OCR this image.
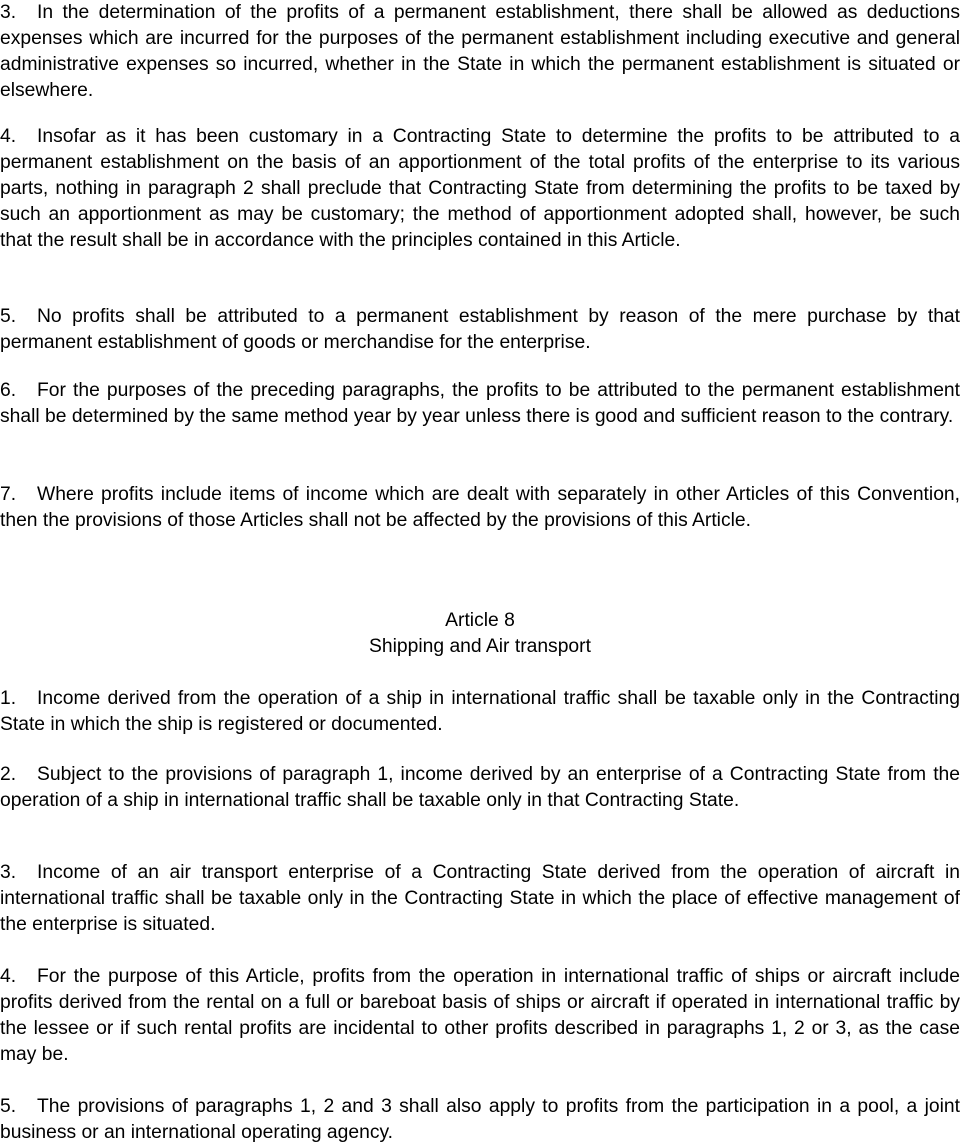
3. In the determination of the profits of a permanent establishment, there shall be allowed as deductions expenses which are incurred for the purposes of the permanent establishment including executive and general administrative expenses so incurred, whether in the State in which the permanent establishment is situated or elsewhere.

4. Insofar as it has been customary in a Contracting State to determine the profits to be attributed to a permanent establishment on the basis of an apportionment of the total profits of the enterprise to its various parts, nothing in paragraph 2 shall preclude that Contracting State from determining the profits to be taxed by such an apportionment as may be customary; the method of apportionment adopted shall, however, be such that the result shall be in accordance with the principles contained in this Article.

5. No profits shall be attributed to a permanent establishment by reason of the mere purchase by that permanent establishment of goods or merchandise for the enterprise.

6. For the purposes of the preceding paragraphs, the profits to be attributed to the permanent establishment shall be determined by the same method year by year unless there is good and sufficient reason to the contrary.

7. Where profits include items of income which are dealt with separately in other Articles of this Convention, then the provisions of those Articles shall not be affected by the provisions of this Article.

Article 8

Shipping and Air transport

1. Income derived from the operation of a ship in international traffic shall be taxable only in the Contracting State in which the ship is registered or documented.

2. Subject to the provisions of paragraph 1, income derived by an enterprise of a Contracting State from the operation of a ship in international traffic shall be taxable only in that Contracting State.

3. Income of an air transport enterprise of a Contracting State derived from the operation of aircraft in international traffic shall be taxable only in the Contracting State in which the place of effective management of the enterprise is situated.

4. For the purpose of this Article, profits from the operation in international traffic of ships or aircraft include profits derived from the rental on a full or bareboat basis of ships or aircraft if operated in international traffic by the lessee or if such rental profits are incidental to other profits described in paragraphs 1, 2 or 3, as the case may be.

5. The provisions of paragraphs 1, 2 and 3 shall also apply to profits from the participation in a pool, a joint business or an international operating agency.
